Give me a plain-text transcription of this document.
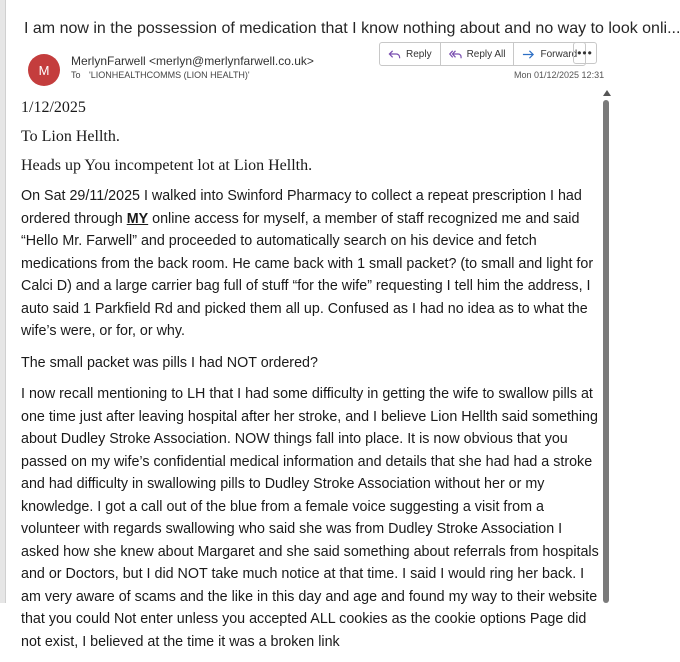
I am now in the possession of medication that I know nothing about and no way to look onli...
M
MerlynFarwell <merlyn@merlynfarwell.co.uk>
To 'LIONHEALTHCOMMS (LION HEALTH)'
Reply	Reply All	Forward •••
Mon 01/12/2025 12:31

1/12/2025

To Lion Hellth.

Heads up You incompetent lot at Lion Hellth.

On Sat 29/11/2025 I walked into Swinford Pharmacy to collect a repeat prescription I had ordered through MY online access for myself, a member of staff recognized me and said “Hello Mr. Farwell” and proceeded to automatically search on his device and fetch medications from the back room. He came back with 1 small packet? (to small and light for Calci D) and a large carrier bag full of stuff “for the wife” requesting I tell him the address, I auto said 1 Parkfield Rd and picked them all up. Confused as I had no idea as to what the wife’s were, or for, or why.

The small packet was pills I had NOT ordered?

I now recall mentioning to LH that I had some difficulty in getting the wife to swallow pills at one time just after leaving hospital after her stroke, and I believe Lion Hellth said something about Dudley Stroke Association. NOW things fall into place. It is now obvious that you passed on my wife’s confidential medical information and details that she had had a stroke and had difficulty in swallowing pills to Dudley Stroke Association without her or my knowledge. I got a call out of the blue from a female voice suggesting a visit from a volunteer with regards swallowing who said she was from Dudley Stroke Association I asked how she knew about Margaret and she said something about referrals from hospitals and or Doctors, but I did NOT take much notice at that time. I said I would ring her back. I am very aware of scams and the like in this day and age and found my way to their website that you could Not enter unless you accepted ALL cookies as the cookie options Page did not exist, I believed at the time it was a broken link
